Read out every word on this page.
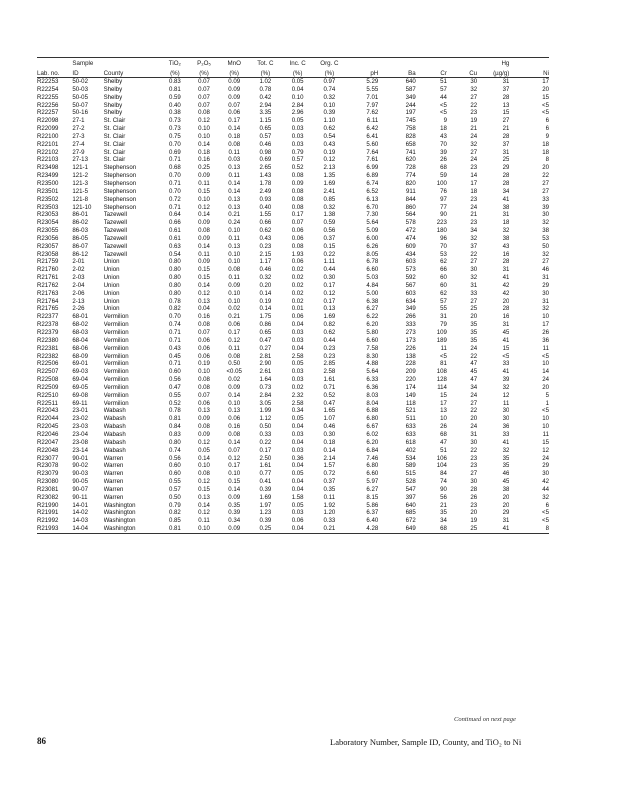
	Sample		TiO₂	P₂O₅	MnO	Tot. C	Inc. C	Org. C					Hg	
Lab. no.	ID	County	(%)	(%)	(%)	(%)	(%)	(%)	pH	Ba	Cr	Cu	(µg/g)	Ni
R22253	50-02	Shelby	0.83	0.07	0.09	1.02	0.05	0.97	5.29	640	51	30	31	17
R22254	50-03	Shelby	0.81	0.07	0.09	0.78	0.04	0.74	5.55	587	57	32	37	20
R22255	50-05	Shelby	0.59	0.07	0.09	0.42	0.10	0.32	7.01	349	44	27	28	15
R22256	50-07	Shelby	0.40	0.07	0.07	2.94	2.84	0.10	7.97	244	<5	22	13	<5
R22257	50-16	Shelby	0.38	0.08	0.06	3.35	2.96	0.39	7.62	197	<5	23	15	<5
R22098	27-1	St. Clair	0.73	0.12	0.17	1.15	0.05	1.10	6.11	745	9	19	27	6
R22099	27-2	St. Clair	0.73	0.10	0.14	0.65	0.03	0.62	6.42	758	18	21	21	6
R22100	27-3	St. Clair	0.75	0.10	0.18	0.57	0.03	0.54	6.41	828	43	24	28	9
R22101	27-4	St. Clair	0.70	0.14	0.08	0.46	0.03	0.43	5.60	658	70	32	37	18
R22102	27-9	St. Clair	0.69	0.18	0.11	0.98	0.79	0.19	7.64	741	39	27	31	18
R22103	27-13	St. Clair	0.71	0.16	0.03	0.69	0.57	0.12	7.61	620	26	24	25	8
R23498	121-1	Stephenson	0.68	0.25	0.13	2.65	0.52	2.13	6.99	728	68	23	29	20
R23499	121-2	Stephenson	0.70	0.09	0.11	1.43	0.08	1.35	6.89	774	59	14	28	22
R23500	121-3	Stephenson	0.71	0.11	0.14	1.78	0.09	1.69	6.74	820	100	17	28	27
R23501	121-5	Stephenson	0.70	0.15	0.14	2.49	0.08	2.41	6.52	911	76	18	34	27
R23502	121-8	Stephenson	0.72	0.10	0.13	0.93	0.08	0.85	6.13	844	97	23	41	33
R23503	121-10	Stephenson	0.71	0.12	0.13	0.40	0.08	0.32	6.70	860	77	24	38	39
R23053	86-01	Tazewell	0.64	0.14	0.21	1.55	0.17	1.38	7.30	564	90	21	31	30
R23054	86-02	Tazewell	0.66	0.09	0.24	0.66	0.07	0.59	5.64	578	223	23	18	32
R23055	86-03	Tazewell	0.61	0.08	0.10	0.62	0.06	0.56	5.09	472	180	34	32	38
R23056	86-05	Tazewell	0.61	0.09	0.11	0.43	0.06	0.37	6.00	474	96	32	38	53
R23057	86-07	Tazewell	0.63	0.14	0.13	0.23	0.08	0.15	6.26	609	70	37	43	50
R23058	86-12	Tazewell	0.54	0.11	0.10	2.15	1.93	0.22	8.05	434	53	22	16	32
R21759	2-01	Union	0.80	0.09	0.10	1.17	0.06	1.11	6.78	603	62	27	28	27
R21760	2-02	Union	0.80	0.15	0.08	0.46	0.02	0.44	6.60	573	66	30	31	46
R21761	2-03	Union	0.80	0.15	0.11	0.32	0.02	0.30	5.03	592	60	32	41	31
R21762	2-04	Union	0.80	0.14	0.09	0.20	0.02	0.17	4.84	567	60	31	42	29
R21763	2-06	Union	0.80	0.12	0.10	0.14	0.02	0.12	5.00	603	62	33	42	30
R21764	2-13	Union	0.78	0.13	0.10	0.19	0.02	0.17	6.38	634	57	27	20	31
R21765	2-26	Union	0.82	0.04	0.02	0.14	0.01	0.13	6.27	349	55	25	28	32
R22377	68-01	Vermilion	0.70	0.16	0.21	1.75	0.06	1.69	6.22	266	31	20	16	10
R22378	68-02	Vermilion	0.74	0.08	0.06	0.86	0.04	0.82	6.20	333	79	35	31	17
R22379	68-03	Vermilion	0.71	0.07	0.17	0.65	0.03	0.62	5.80	273	109	35	45	26
R22380	68-04	Vermilion	0.71	0.06	0.12	0.47	0.03	0.44	6.60	173	189	35	41	36
R22381	68-06	Vermilion	0.43	0.06	0.11	0.27	0.04	0.23	7.58	226	11	24	15	11
R22382	68-09	Vermilion	0.45	0.06	0.08	2.81	2.58	0.23	8.30	138	<5	22	<5	<5
R22506	69-01	Vermilion	0.71	0.19	0.50	2.90	0.05	2.85	4.88	228	81	47	33	10
R22507	69-03	Vermilion	0.60	0.10	<0.05	2.61	0.03	2.58	5.64	209	108	45	41	14
R22508	69-04	Vermilion	0.56	0.08	0.02	1.64	0.03	1.61	6.33	220	128	47	39	24
R22509	69-05	Vermilion	0.47	0.08	0.09	0.73	0.02	0.71	6.36	174	114	34	32	20
R22510	69-08	Vermilion	0.55	0.07	0.14	2.84	2.32	0.52	8.03	149	15	24	12	5
R22511	69-11	Vermilion	0.52	0.06	0.10	3.05	2.58	0.47	8.04	118	17	27	11	1
R22043	23-01	Wabash	0.78	0.13	0.13	1.99	0.34	1.65	6.88	521	13	22	30	<5
R22044	23-02	Wabash	0.81	0.09	0.06	1.12	0.05	1.07	6.80	511	10	20	30	10
R22045	23-03	Wabash	0.84	0.08	0.16	0.50	0.04	0.46	6.67	633	26	24	36	10
R22046	23-04	Wabash	0.83	0.09	0.08	0.33	0.03	0.30	6.02	633	68	31	33	11
R22047	23-08	Wabash	0.80	0.12	0.14	0.22	0.04	0.18	6.20	618	47	30	41	15
R22048	23-14	Wabash	0.74	0.05	0.07	0.17	0.03	0.14	6.84	402	51	22	32	12
R23077	90-01	Warren	0.56	0.14	0.12	2.50	0.36	2.14	7.46	534	106	23	35	24
R23078	90-02	Warren	0.60	0.10	0.17	1.61	0.04	1.57	6.80	589	104	23	35	29
R23079	90-03	Warren	0.60	0.08	0.10	0.77	0.05	0.72	6.60	515	84	27	46	30
R23080	90-05	Warren	0.55	0.12	0.15	0.41	0.04	0.37	5.97	528	74	30	45	42
R23081	90-07	Warren	0.57	0.15	0.14	0.39	0.04	0.35	6.27	547	90	28	38	44
R23082	90-11	Warren	0.50	0.13	0.09	1.69	1.58	0.11	8.15	397	56	26	20	32
R21990	14-01	Washington	0.79	0.14	0.35	1.97	0.05	1.92	5.86	640	21	23	20	6
R21991	14-02	Washington	0.82	0.12	0.39	1.23	0.03	1.20	6.37	685	35	20	29	<5
R21992	14-03	Washington	0.85	0.11	0.34	0.39	0.06	0.33	6.40	672	34	19	31	<5
R21993	14-04	Washington	0.81	0.10	0.09	0.25	0.04	0.21	4.28	649	68	25	41	8
Continued on next page
86	Laboratory Number, Sample ID, County, and TiO₂ to Ni
